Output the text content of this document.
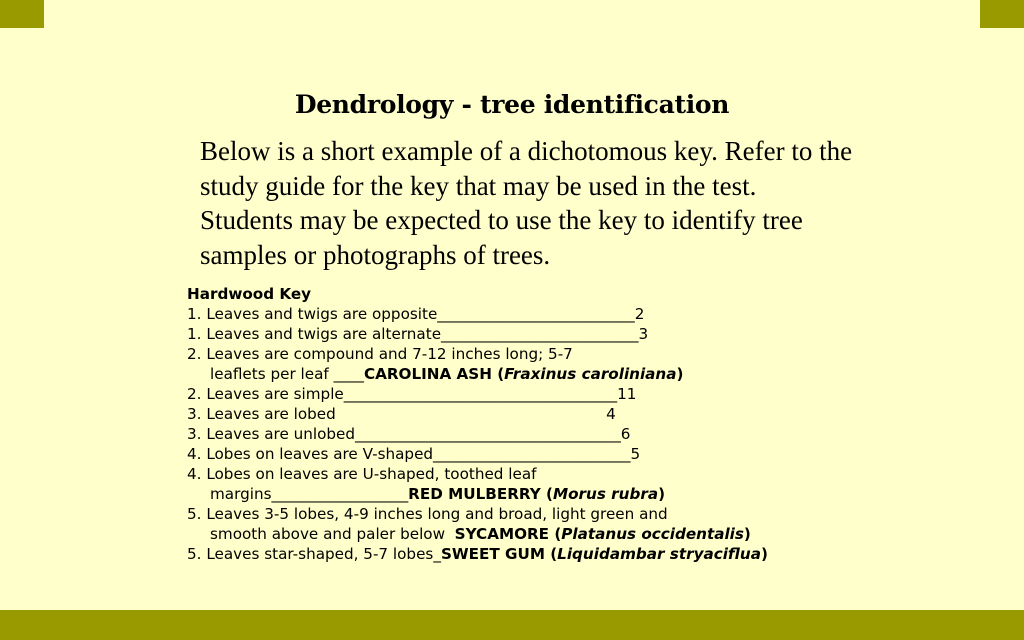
Dendrology - tree identification
Below is a short example of a dichotomous key. Refer to the
study guide for the key that may be used in the test.
Students may be expected to use the key to identify tree
samples or photographs of trees.
Hardwood Key
1. Leaves and twigs are opposite__________________________2
1. Leaves and twigs are alternate__________________________3
2. Leaves are compound and 7-12 inches long; 5-7
leaflets per leaf ____CAROLINA ASH (Fraxinus caroliniana)
2. Leaves are simple____________________________________11
3. Leaves are lobed                                                        4
3. Leaves are unlobed___________________________________6
4. Lobes on leaves are V-shaped__________________________5
4. Lobes on leaves are U-shaped, toothed leaf
margins__________________RED MULBERRY (Morus rubra)
5. Leaves 3-5 lobes, 4-9 inches long and broad, light green and
smooth above and paler below  SYCAMORE (Platanus occidentalis)
5. Leaves star-shaped, 5-7 lobes_SWEET GUM (Liquidambar stryaciflua)
